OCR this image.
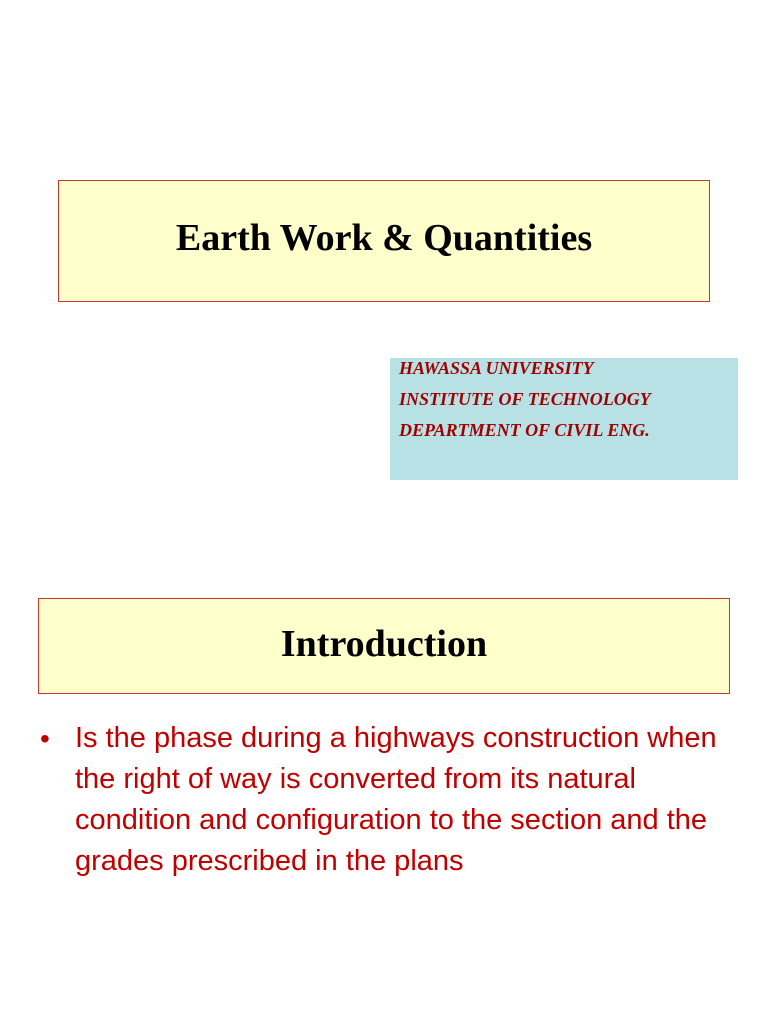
Earth Work & Quantities

HAWASSA UNIVERSITY

INSTITUTE OF TECHNOLOGY

DEPARTMENT OF CIVIL ENG.

Introduction
• Is the phase during a highways construction when the right of way is converted from its natural condition and configuration to the section and the grades prescribed in the plans
